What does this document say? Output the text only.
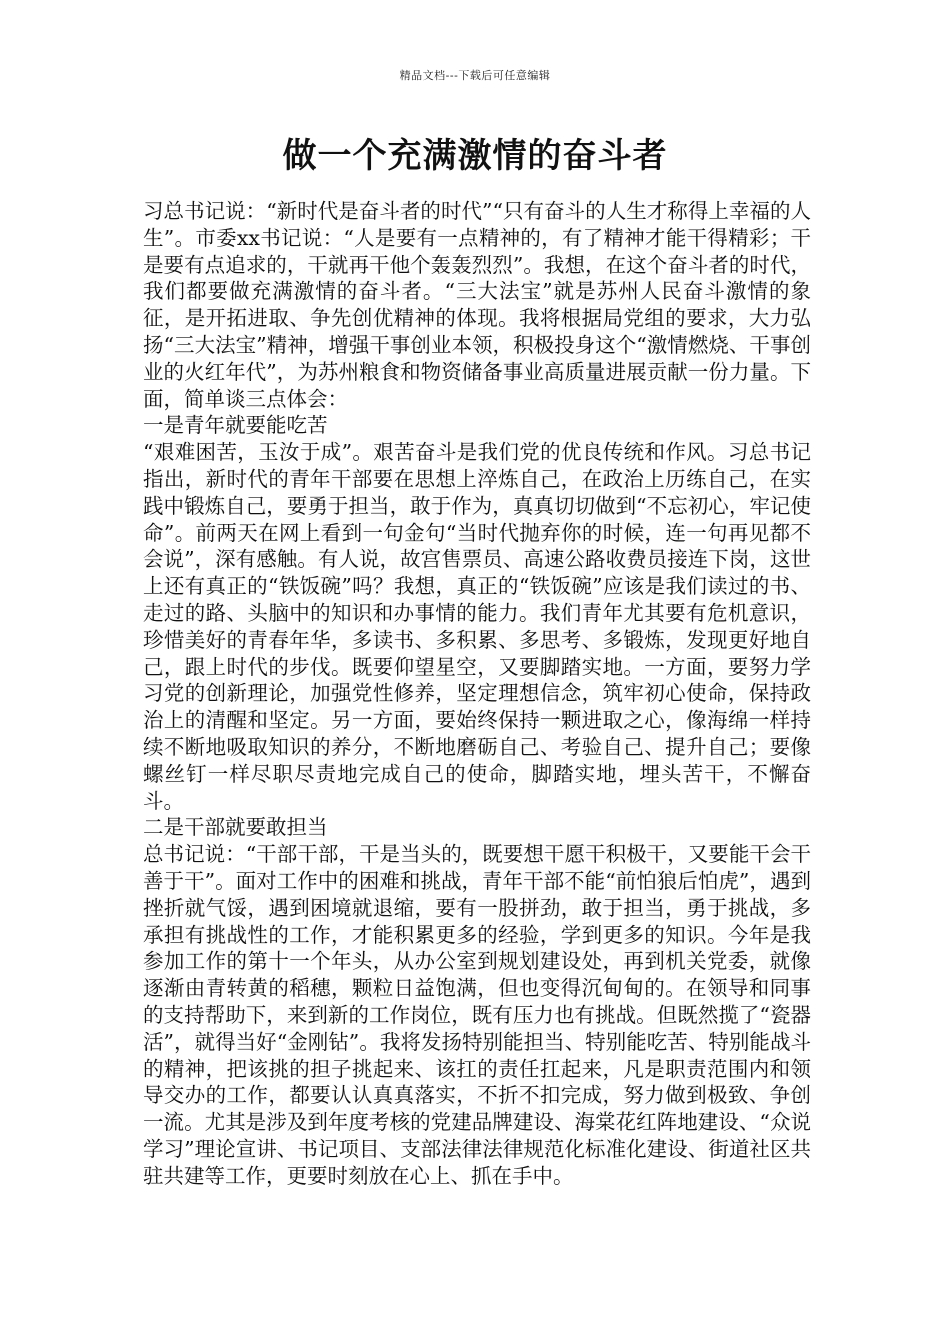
精品文档---下载后可任意编辑
做一个充满激情的奋斗者

习总书记说：“新时代是奋斗者的时代”“只有奋斗的人生才称得上幸福的人生”。市委xx书记说：“人是要有一点精神的，有了精神才能干得精彩；干是要有点追求的，干就再干他个轰轰烈烈”。我想，在这个奋斗者的时代，我们都要做充满激情的奋斗者。“三大法宝”就是苏州人民奋斗激情的象征，是开拓进取、争先创优精神的体现。我将根据局党组的要求，大力弘扬“三大法宝”精神，增强干事创业本领，积极投身这个“激情燃烧、干事创业的火红年代”，为苏州粮食和物资储备事业高质量进展贡献一份力量。下面，简单谈三点体会：

一是青年就要能吃苦

“艰难困苦，玉汝于成”。艰苦奋斗是我们党的优良传统和作风。习总书记指出，新时代的青年干部要在思想上淬炼自己，在政治上历练自己，在实践中锻炼自己，要勇于担当，敢于作为，真真切切做到“不忘初心，牢记使命”。前两天在网上看到一句金句“当时代抛弃你的时候，连一句再见都不会说”，深有感触。有人说，故宫售票员、高速公路收费员接连下岗，这世上还有真正的“铁饭碗”吗？我想，真正的“铁饭碗”应该是我们读过的书、走过的路、头脑中的知识和办事情的能力。我们青年尤其要有危机意识，珍惜美好的青春年华，多读书、多积累、多思考、多锻炼，发现更好地自己，跟上时代的步伐。既要仰望星空，又要脚踏实地。一方面，要努力学习党的创新理论，加强党性修养，坚定理想信念，筑牢初心使命，保持政治上的清醒和坚定。另一方面，要始终保持一颗进取之心，像海绵一样持续不断地吸取知识的养分，不断地磨砺自己、考验自己、提升自己；要像螺丝钉一样尽职尽责地完成自己的使命，脚踏实地，埋头苦干，不懈奋斗。

二是干部就要敢担当

总书记说：“干部干部，干是当头的，既要想干愿干积极干，又要能干会干善于干”。面对工作中的困难和挑战，青年干部不能“前怕狼后怕虎”，遇到挫折就气馁，遇到困境就退缩，要有一股拼劲，敢于担当，勇于挑战，多承担有挑战性的工作，才能积累更多的经验，学到更多的知识。今年是我参加工作的第十一个年头，从办公室到规划建设处，再到机关党委，就像逐渐由青转黄的稻穗，颗粒日益饱满，但也变得沉甸甸的。在领导和同事的支持帮助下，来到新的工作岗位，既有压力也有挑战。但既然揽了“瓷器活”，就得当好“金刚钻”。我将发扬特别能担当、特别能吃苦、特别能战斗的精神，把该挑的担子挑起来、该扛的责任扛起来，凡是职责范围内和领导交办的工作，都要认认真真落实，不折不扣完成，努力做到极致、争创一流。尤其是涉及到年度考核的党建品牌建设、海棠花红阵地建设、“众说学习”理论宣讲、书记项目、支部法律法律规范化标准化建设、街道社区共驻共建等工作，更要时刻放在心上、抓在手中。
